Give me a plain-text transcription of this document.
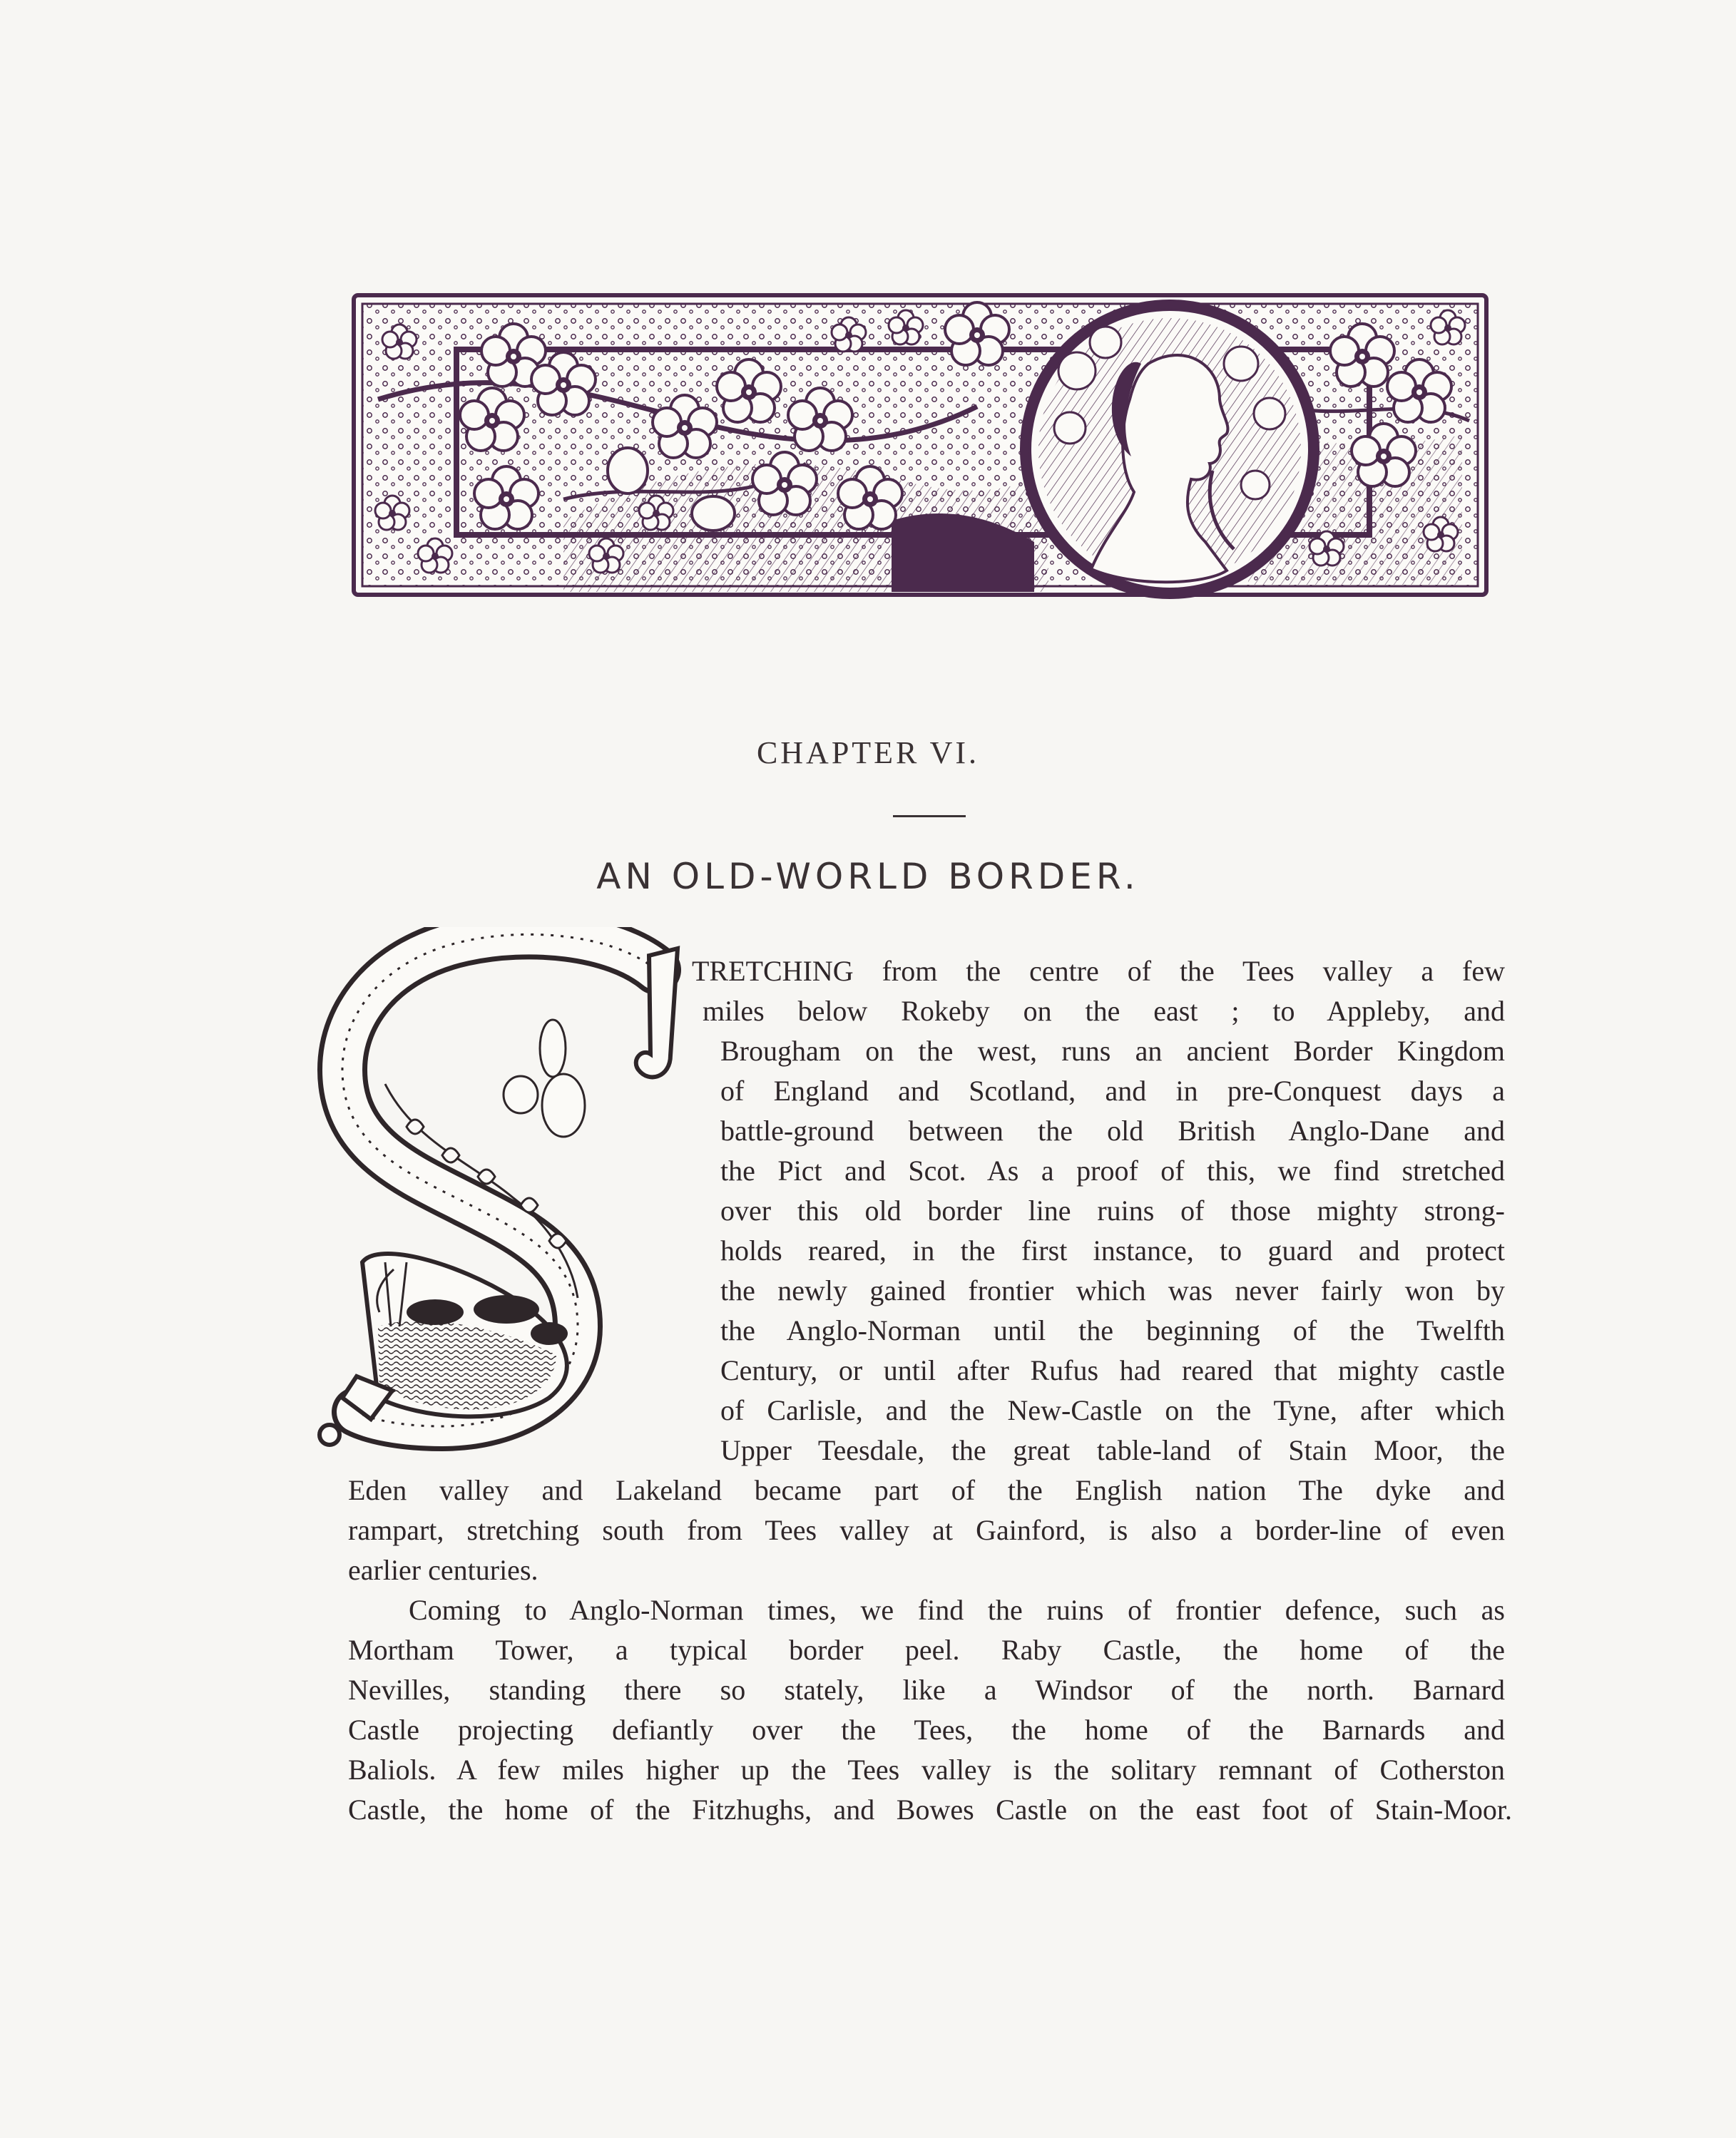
CHAPTER VI.
AN OLD-WORLD BORDER.

TRETCHING from the centre of the Tees valley a few

miles below Rokeby on the east ; to Appleby, and

Brougham on the west, runs an ancient Border Kingdom

of England and Scotland, and in pre-Conquest days a

battle-ground between the old British Anglo-Dane and

the Pict and Scot. As a proof of this, we find stretched

over this old border line ruins of those mighty strong-

holds reared, in the first instance, to guard and protect

the newly gained frontier which was never fairly won by

the Anglo-Norman until the beginning of the Twelfth

Century, or until after Rufus had reared that mighty castle

of Carlisle, and the New-Castle on the Tyne, after which

Upper Teesdale, the great table-land of Stain Moor, the

Eden valley and Lakeland became part of the English nation The dyke and

rampart, stretching south from Tees valley at Gainford, is also a border-line of even

earlier centuries.

Coming to Anglo-Norman times, we find the ruins of frontier defence, such as

Mortham Tower, a typical border peel. Raby Castle, the home of the

Nevilles, standing there so stately, like a Windsor of the north. Barnard

Castle projecting defiantly over the Tees, the home of the Barnards and

Baliols. A few miles higher up the Tees valley is the solitary remnant of Cotherston

Castle, the home of the Fitzhughs, and Bowes Castle on the east foot of Stain-Moor.
